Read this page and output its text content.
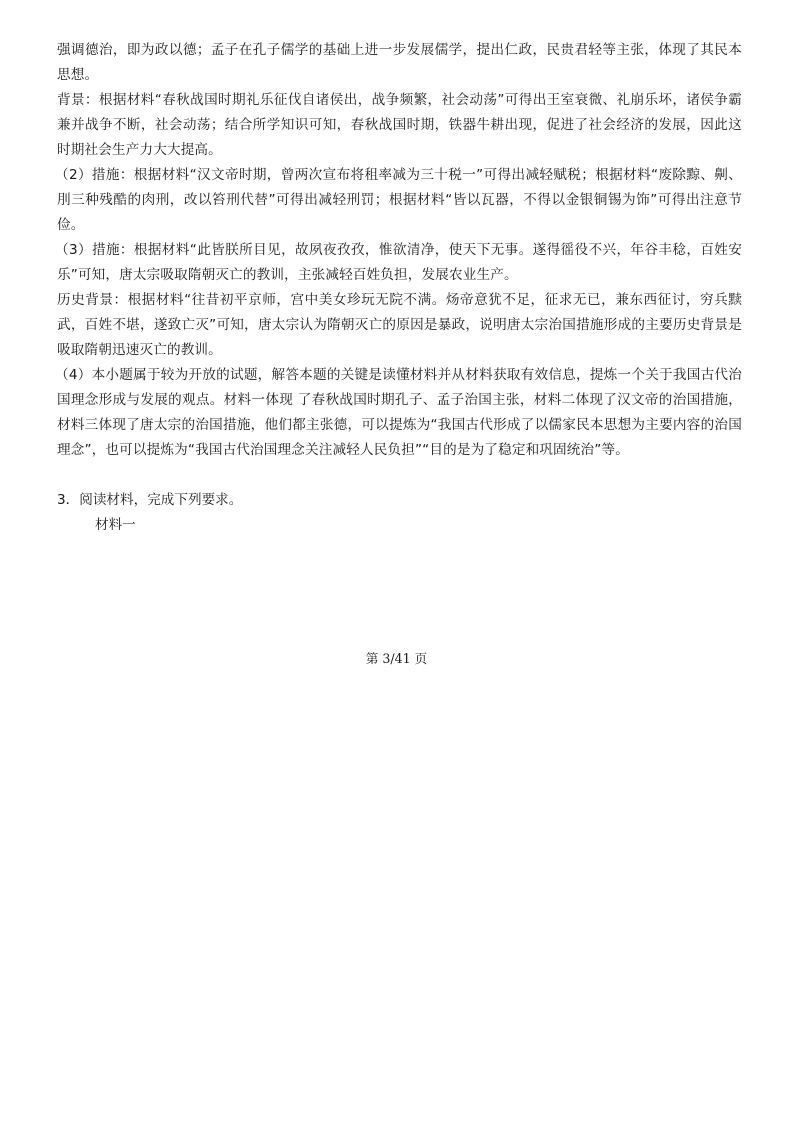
强调德治，即为政以德；孟子在孔子儒学的基础上进一步发展儒学，提出仁政，民贵君轻等主张，体现了其民本思想。

背景：根据材料“春秋战国时期礼乐征伐自诸侯出，战争频繁，社会动荡”可得出王室衰微、礼崩乐坏，诸侯争霸兼并战争不断，社会动荡；结合所学知识可知，春秋战国时期，铁器牛耕出现，促进了社会经济的发展，因此这时期社会生产力大大提高。

（2）措施：根据材料“汉文帝时期，曾两次宣布将租率减为三十税一”可得出减轻赋税；根据材料“废除黥、劓、刖三种残酷的肉刑，改以笞刑代替”可得出减轻刑罚；根据材料“皆以瓦器，不得以金银铜锡为饰”可得出注意节俭。

（3）措施：根据材料“此皆朕所目见，故夙夜孜孜，惟欲清净，使天下无事。遂得徭役不兴，年谷丰稔，百姓安乐”可知，唐太宗吸取隋朝灭亡的教训，主张减轻百姓负担，发展农业生产。

历史背景：根据材料“往昔初平京师，宫中美女珍玩无院不满。炀帝意犹不足，征求无已，兼东西征讨，穷兵黩武，百姓不堪，遂致亡灭”可知，唐太宗认为隋朝灭亡的原因是暴政，说明唐太宗治国措施形成的主要历史背景是吸取隋朝迅速灭亡的教训。

（4）本小题属于较为开放的试题，解答本题的关键是读懂材料并从材料获取有效信息，提炼一个关于我国古代治国理念形成与发展的观点。材料一体现 了春秋战国时期孔子、孟子治国主张，材料二体现了汉文帝的治国措施，材料三体现了唐太宗的治国措施，他们都主张德，可以提炼为“我国古代形成了以儒家民本思想为主要内容的治国理念”，也可以提炼为“我国古代治国理念关注减轻人民负担”“目的是为了稳定和巩固统治”等。

3．阅读材料，完成下列要求。

材料一

第 3/41 页
